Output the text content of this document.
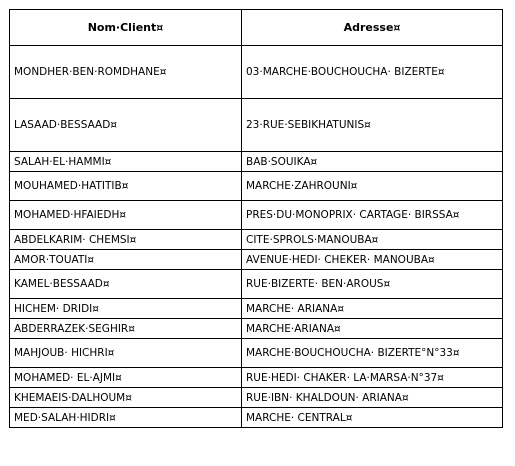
Nom·Client¤	Adresse¤
MONDHER·BEN·ROMDHANE¤	03·MARCHE·BOUCHOUCHA· BIZERTE¤
LASAAD·BESSAAD¤	23·RUE·SEBIKHATUNIS¤
SALAH·EL·HAMMI¤	BAB·SOUIKA¤
MOUHAMED·HATITIB¤	MARCHE·ZAHROUNI¤
MOHAMED·HFAIEDH¤	PRES·DU·MONOPRIX· CARTAGE· BIRSSA¤
ABDELKARIM· CHEMSI¤	CITE·SPROLS·MANOUBA¤
AMOR·TOUATI¤	AVENUE·HEDI· CHEKER· MANOUBA¤
KAMEL·BESSAAD¤	RUE·BIZERTE· BEN·AROUS¤
HICHEM· DRIDI¤	MARCHE· ARIANA¤
ABDERRAZEK·SEGHIR¤	MARCHE·ARIANA¤
MAHJOUB· HICHRI¤	MARCHE·BOUCHOUCHA· BIZERTE°N°33¤
MOHAMED· EL·AJMI¤	RUE·HEDI· CHAKER· LA·MARSA·N°37¤
KHEMAEIS·DALHOUM¤	RUE·IBN· KHALDOUN· ARIANA¤
MED·SALAH·HIDRI¤	MARCHE· CENTRAL¤
